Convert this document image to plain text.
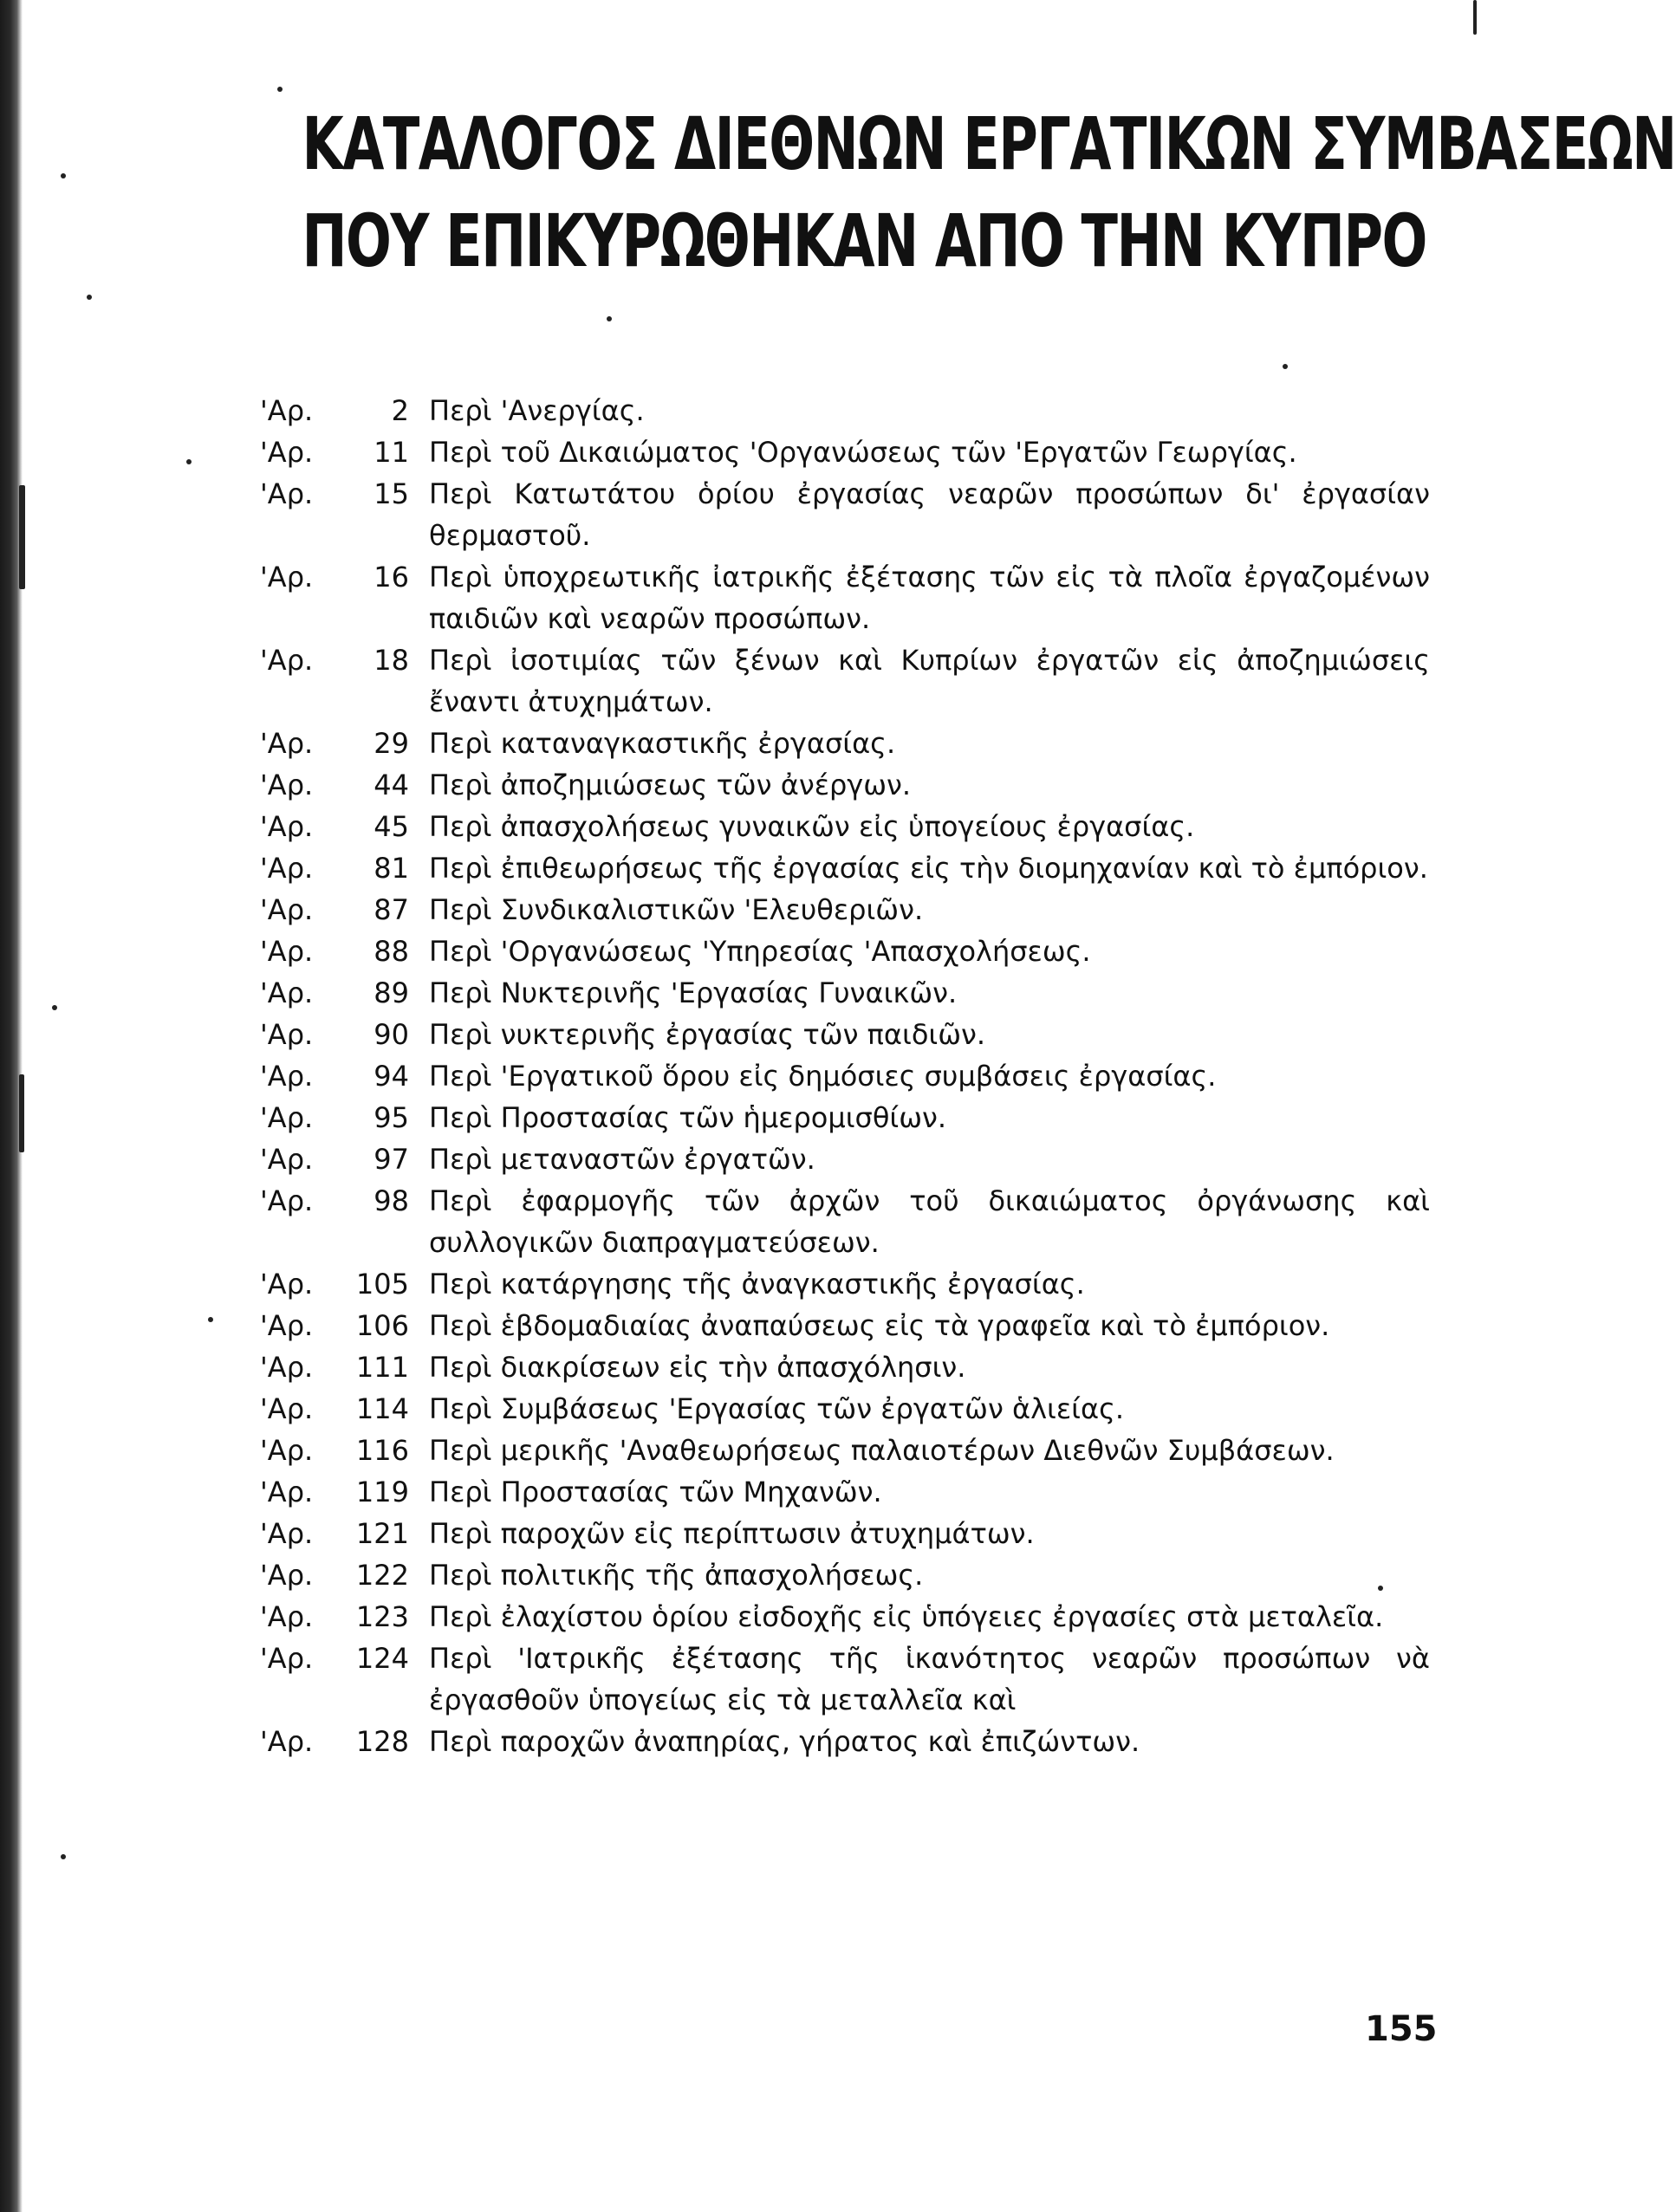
ΚΑΤΑΛΟΓΟΣ ΔΙΕΘΝΩΝ ΕΡΓΑΤΙΚΩΝ ΣΥΜΒΑΣΕΩΝ
ΠΟΥ ΕΠΙΚΥΡΩΘΗΚΑΝ ΑΠΟ ΤΗΝ ΚΥΠΡΟ
'Αρ.	2 Περὶ 'Ανεργίας.
'Αρ.	11 Περὶ τοῦ Δικαιώματος 'Οργανώσεως τῶν 'Εργατῶν Γεωργίας.
'Αρ.	15 Περὶ Κατωτάτου ὁρίου ἐργασίας νεαρῶν προσώπων δι' ἐργασίαν θερμαστοῦ.
'Αρ.	16 Περὶ ὑποχρεωτικῆς ἰατρικῆς ἐξέτασης τῶν εἰς τὰ πλοῖα ἐργαζομένων παιδιῶν καὶ νεαρῶν προσώπων.
'Αρ.	18 Περὶ ἰσοτιμίας τῶν ξένων καὶ Κυπρίων ἐργατῶν εἰς ἀποζημιώσεις ἔναντι ἀτυχημάτων.
'Αρ.	29 Περὶ καταναγκαστικῆς ἐργασίας.
'Αρ.	44 Περὶ ἀποζημιώσεως τῶν ἀνέργων.
'Αρ.	45 Περὶ ἀπασχολήσεως γυναικῶν εἰς ὑπογείους ἐργασίας.
'Αρ.	81 Περὶ ἐπιθεωρήσεως τῆς ἐργασίας εἰς τὴν διομηχανίαν καὶ τὸ ἐμπόριον.
'Αρ.	87 Περὶ Συνδικαλιστικῶν 'Ελευθεριῶν.
'Αρ.	88 Περὶ 'Οργανώσεως 'Υπηρεσίας 'Απασχολήσεως.
'Αρ.	89 Περὶ Νυκτερινῆς 'Εργασίας Γυναικῶν.
'Αρ.	90 Περὶ νυκτερινῆς ἐργασίας τῶν παιδιῶν.
'Αρ.	94 Περὶ 'Εργατικοῦ ὅρου εἰς δημόσιες συμβάσεις ἐργασίας.
'Αρ.	95 Περὶ Προστασίας τῶν ἡμερομισθίων.
'Αρ.	97 Περὶ μεταναστῶν ἐργατῶν.
'Αρ.	98 Περὶ ἐφαρμογῆς τῶν ἀρχῶν τοῦ δικαιώματος ὀργάνωσης καὶ συλλογικῶν διαπραγματεύσεων.
'Αρ.	105 Περὶ κατάργησης τῆς ἀναγκαστικῆς ἐργασίας.
'Αρ.	106 Περὶ ἑβδομαδιαίας ἀναπαύσεως εἰς τὰ γραφεῖα καὶ τὸ ἐμπόριον.
'Αρ.	111 Περὶ διακρίσεων εἰς τὴν ἀπασχόλησιν.
'Αρ.	114 Περὶ Συμβάσεως 'Εργασίας τῶν ἐργατῶν ἁλιείας.
'Αρ.	116 Περὶ μερικῆς 'Αναθεωρήσεως παλαιοτέρων Διεθνῶν Συμβάσεων.
'Αρ.	119 Περὶ Προστασίας τῶν Μηχανῶν.
'Αρ.	121 Περὶ παροχῶν εἰς περίπτωσιν ἀτυχημάτων.
'Αρ.	122 Περὶ πολιτικῆς τῆς ἀπασχολήσεως.
'Αρ.	123 Περὶ ἐλαχίστου ὁρίου εἰσδοχῆς εἰς ὑπόγειες ἐργασίες στὰ μεταλεῖα.
'Αρ.	124 Περὶ 'Ιατρικῆς ἐξέτασης τῆς ἱκανότητος νεαρῶν προσώπων νὰ ἐργασθοῦν ὑπογείως εἰς τὰ μεταλλεῖα καὶ
'Αρ.	128 Περὶ παροχῶν ἀναπηρίας, γήρατος καὶ ἐπιζώντων.
155
